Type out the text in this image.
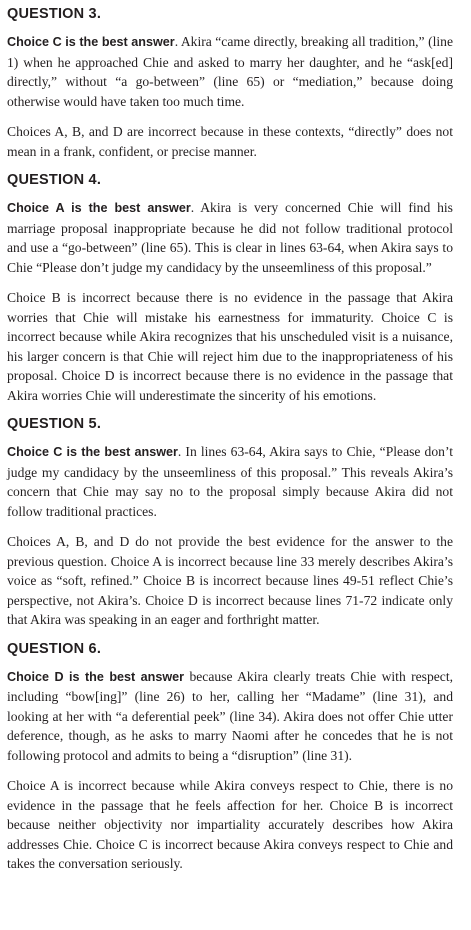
QUESTION 3.

Choice C is the best answer. Akira “came directly, breaking all tradition,” (line 1) when he approached Chie and asked to marry her daughter, and he “ask[ed] directly,” without “a go-between” (line 65) or “mediation,” because doing otherwise would have taken too much time.

Choices A, B, and D are incorrect because in these contexts, “directly” does not mean in a frank, confident, or precise manner.

QUESTION 4.

Choice A is the best answer. Akira is very concerned Chie will find his marriage proposal inappropriate because he did not follow traditional protocol and use a “go-between” (line 65). This is clear in lines 63-64, when Akira says to Chie “Please don’t judge my candidacy by the unseemliness of this proposal.”

Choice B is incorrect because there is no evidence in the passage that Akira worries that Chie will mistake his earnestness for immaturity. Choice C is incorrect because while Akira recognizes that his unscheduled visit is a nuisance, his larger concern is that Chie will reject him due to the inappropriateness of his proposal. Choice D is incorrect because there is no evidence in the passage that Akira worries Chie will underestimate the sincerity of his emotions.

QUESTION 5.

Choice C is the best answer. In lines 63-64, Akira says to Chie, “Please don’t judge my candidacy by the unseemliness of this proposal.” This reveals Akira’s concern that Chie may say no to the proposal simply because Akira did not follow traditional practices.

Choices A, B, and D do not provide the best evidence for the answer to the previous question. Choice A is incorrect because line 33 merely describes Akira’s voice as “soft, refined.” Choice B is incorrect because lines 49-51 reflect Chie’s perspective, not Akira’s. Choice D is incorrect because lines 71-72 indicate only that Akira was speaking in an eager and forthright matter.

QUESTION 6.

Choice D is the best answer because Akira clearly treats Chie with respect, including “bow[ing]” (line 26) to her, calling her “Madame” (line 31), and looking at her with “a deferential peek” (line 34). Akira does not offer Chie utter deference, though, as he asks to marry Naomi after he concedes that he is not following protocol and admits to being a “disruption” (line 31).

Choice A is incorrect because while Akira conveys respect to Chie, there is no evidence in the passage that he feels affection for her. Choice B is incorrect because neither objectivity nor impartiality accurately describes how Akira addresses Chie. Choice C is incorrect because Akira conveys respect to Chie and takes the conversation seriously.
